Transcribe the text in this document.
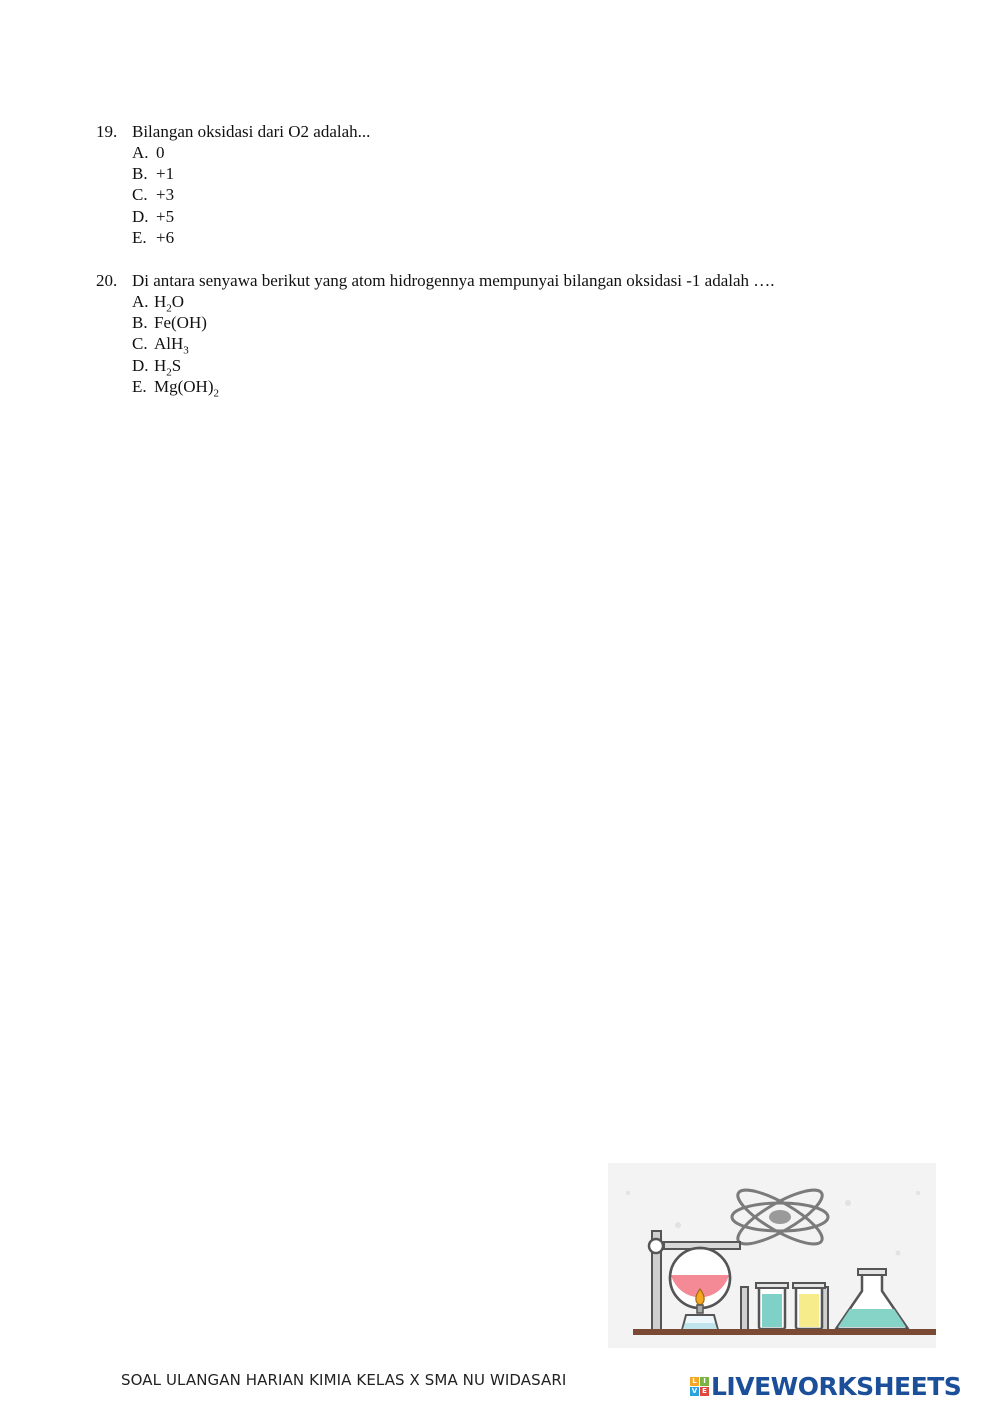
19. Bilangan oksidasi dari O2 adalah...
A. 0
B. +1
C. +3
D. +5
E. +6
20. Di antara senyawa berikut yang atom hidrogennya mempunyai bilangan oksidasi -1 adalah ….
A. $H_2O$
B. Fe(OH)
C. AlH$_3$
D. $H_2S$
E. $Mg(OH)_2$
SOAL ULANGAN HARIAN KIMIA KELAS X SMA NU WIDASARI	L I
V E LIVEWORKSHEETS
